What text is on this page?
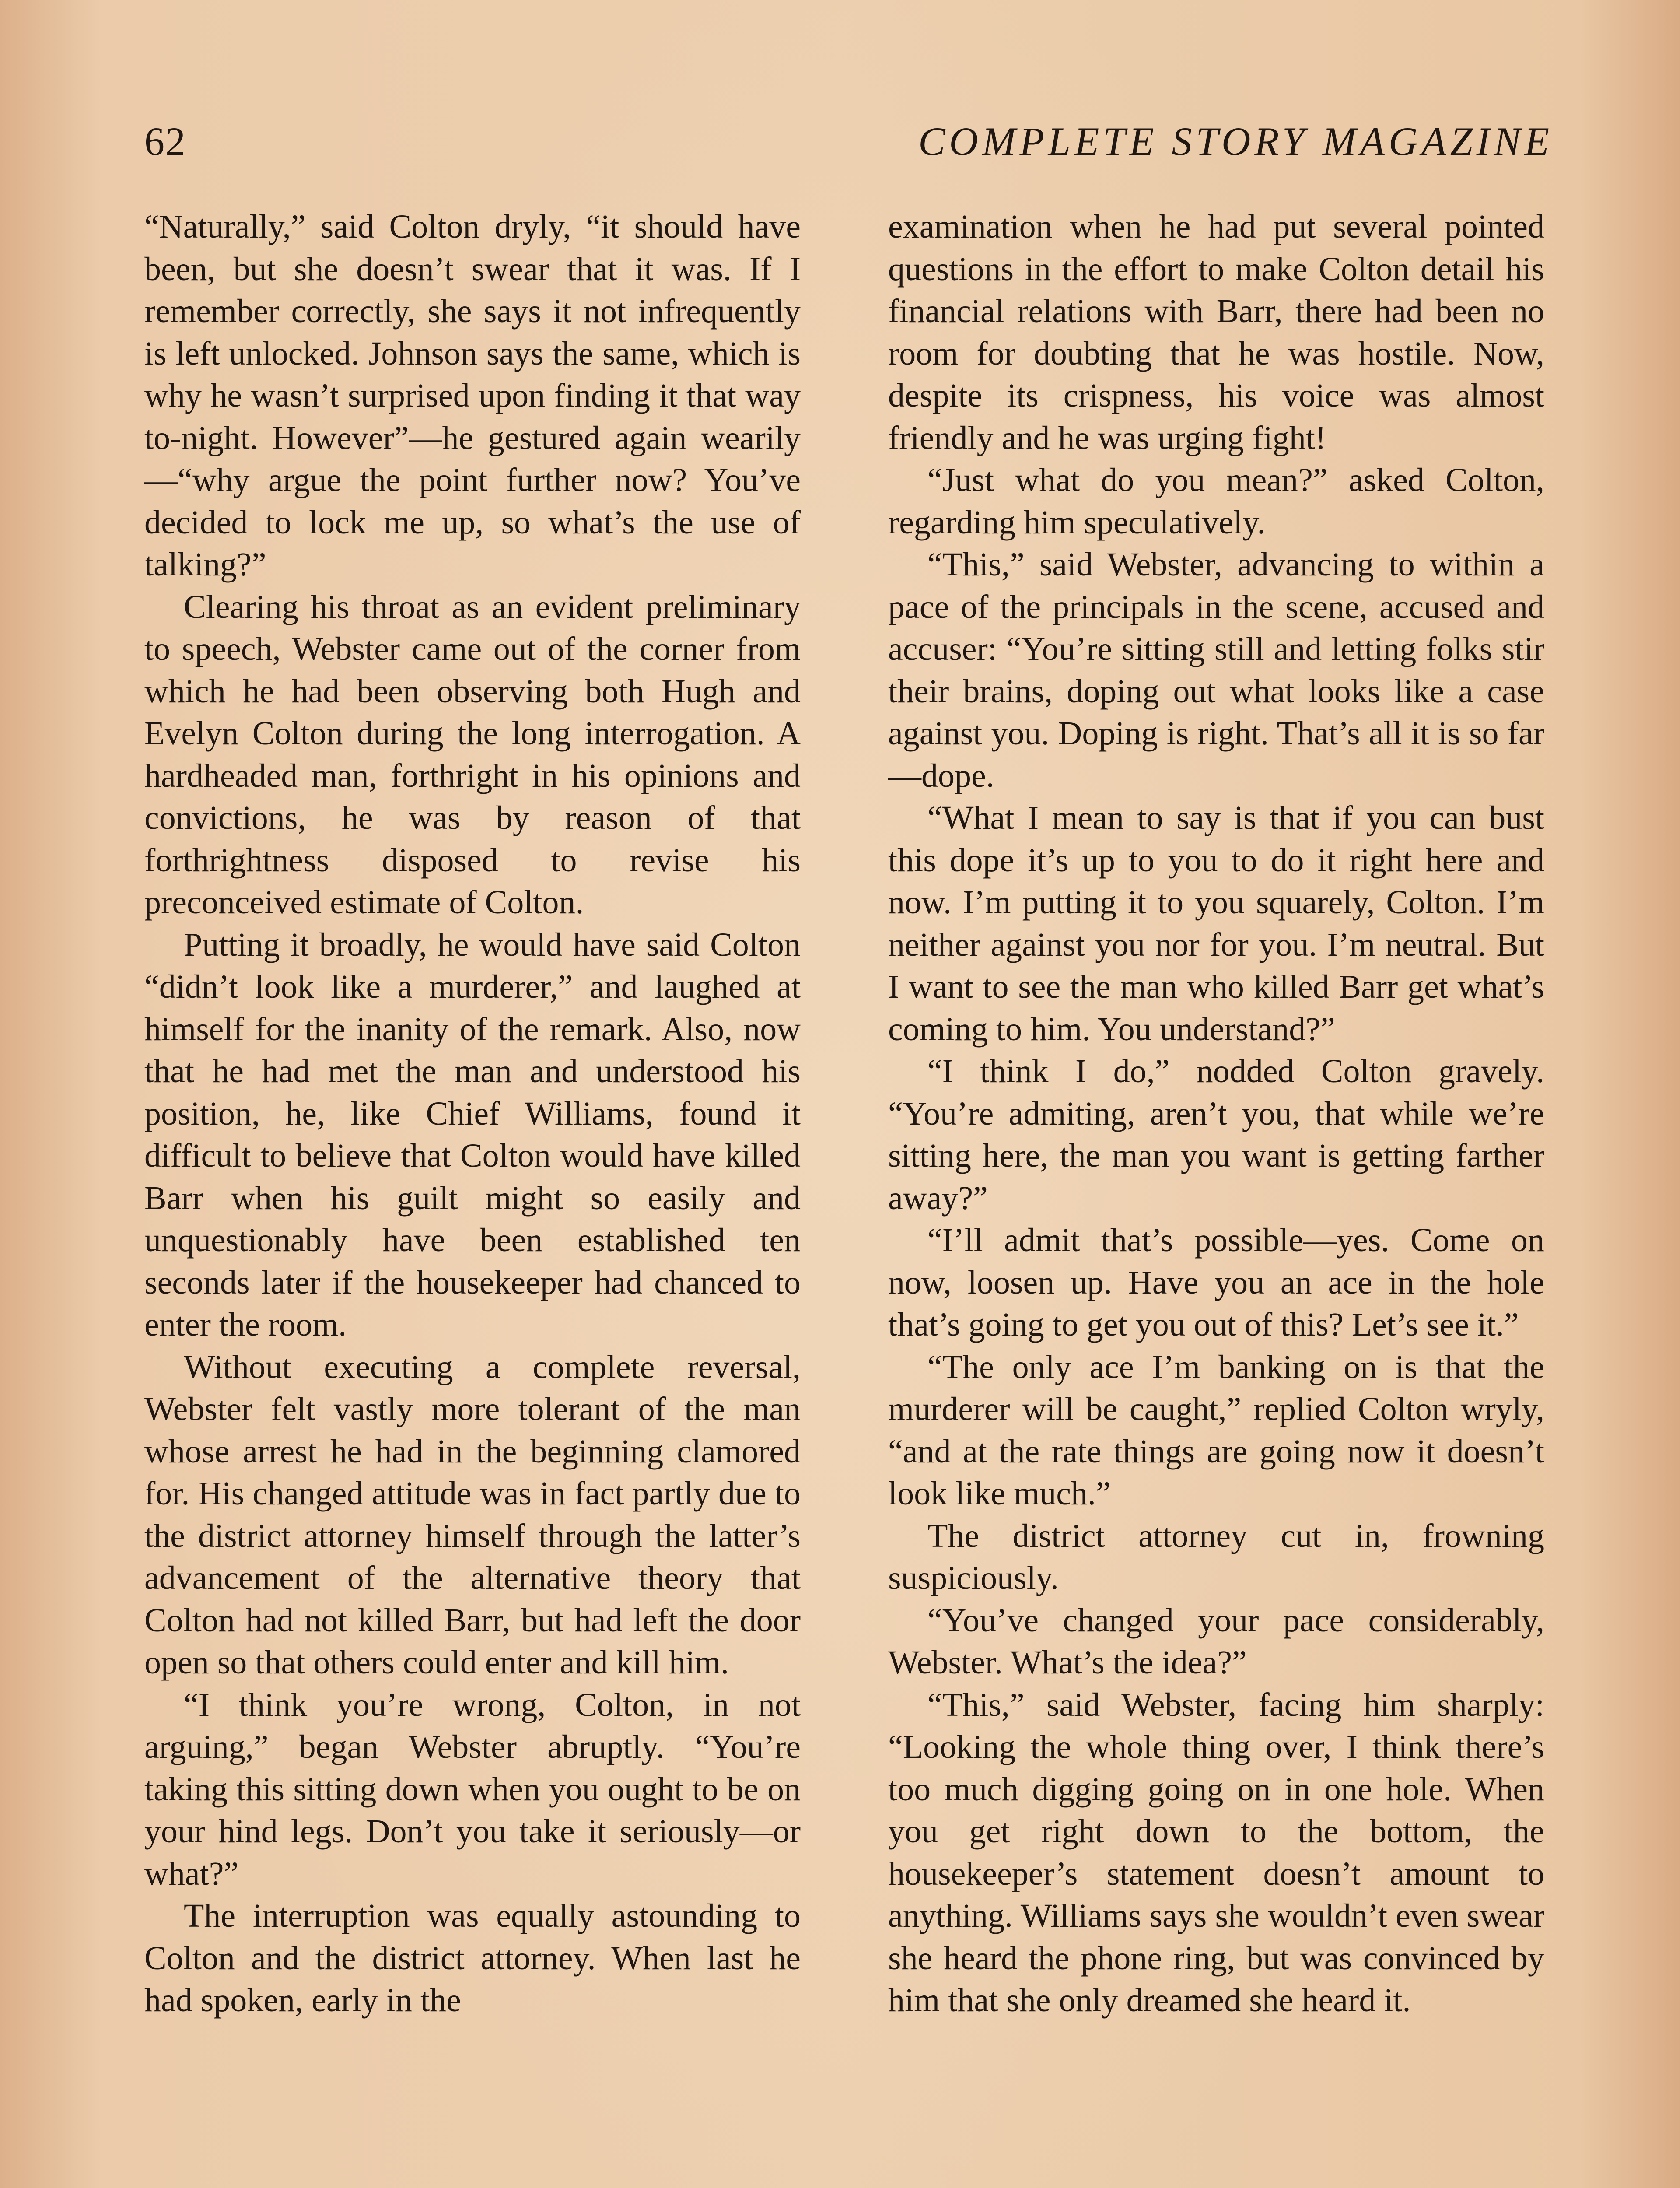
62	COMPLETE STORY MAGAZINE

“Naturally,” said Colton dryly, “it should have been, but she doesn’t swear that it was. If I remember correctly, she says it not infrequently is left unlocked. Johnson says the same, which is why he wasn’t surprised upon finding it that way to-night. However”—he gestured again wearily—“why argue the point further now? You’ve decided to lock me up, so what’s the use of talking?”

Clearing his throat as an evident preliminary to speech, Webster came out of the corner from which he had been observing both Hugh and Evelyn Colton during the long interrogation. A hardheaded man, forthright in his opinions and convictions, he was by reason of that forthrightness disposed to revise his preconceived estimate of Colton.

Putting it broadly, he would have said Colton “didn’t look like a murderer,” and laughed at himself for the inanity of the remark. Also, now that he had met the man and understood his position, he, like Chief Williams, found it difficult to believe that Colton would have killed Barr when his guilt might so easily and unquestionably have been established ten seconds later if the housekeeper had chanced to enter the room.

Without executing a complete reversal, Webster felt vastly more tolerant of the man whose arrest he had in the beginning clamored for. His changed attitude was in fact partly due to the district attorney himself through the latter’s advancement of the alternative theory that Colton had not killed Barr, but had left the door open so that others could enter and kill him.

“I think you’re wrong, Colton, in not arguing,” began Webster abruptly. “You’re taking this sitting down when you ought to be on your hind legs. Don’t you take it seriously—or what?”

The interruption was equally astounding to Colton and the district attorney. When last he had spoken, early in the

examination when he had put several pointed questions in the effort to make Colton detail his financial relations with Barr, there had been no room for doubting that he was hostile. Now, despite its crispness, his voice was almost friendly and he was urging fight!

“Just what do you mean?” asked Colton, regarding him speculatively.

“This,” said Webster, advancing to within a pace of the principals in the scene, accused and accuser: “You’re sitting still and letting folks stir their brains, doping out what looks like a case against you. Doping is right. That’s all it is so far—dope.

“What I mean to say is that if you can bust this dope it’s up to you to do it right here and now. I’m putting it to you squarely, Colton. I’m neither against you nor for you. I’m neutral. But I want to see the man who killed Barr get what’s coming to him. You understand?”

“I think I do,” nodded Colton gravely. “You’re admiting, aren’t you, that while we’re sitting here, the man you want is getting farther away?”

“I’ll admit that’s possible—yes. Come on now, loosen up. Have you an ace in the hole that’s going to get you out of this? Let’s see it.”

“The only ace I’m banking on is that the murderer will be caught,” replied Colton wryly, “and at the rate things are going now it doesn’t look like much.”

The district attorney cut in, frowning suspiciously.

“You’ve changed your pace considerably, Webster. What’s the idea?”

“This,” said Webster, facing him sharply: “Looking the whole thing over, I think there’s too much digging going on in one hole. When you get right down to the bottom, the housekeeper’s statement doesn’t amount to anything. Williams says she wouldn’t even swear she heard the phone ring, but was convinced by him that she only dreamed she heard it.
